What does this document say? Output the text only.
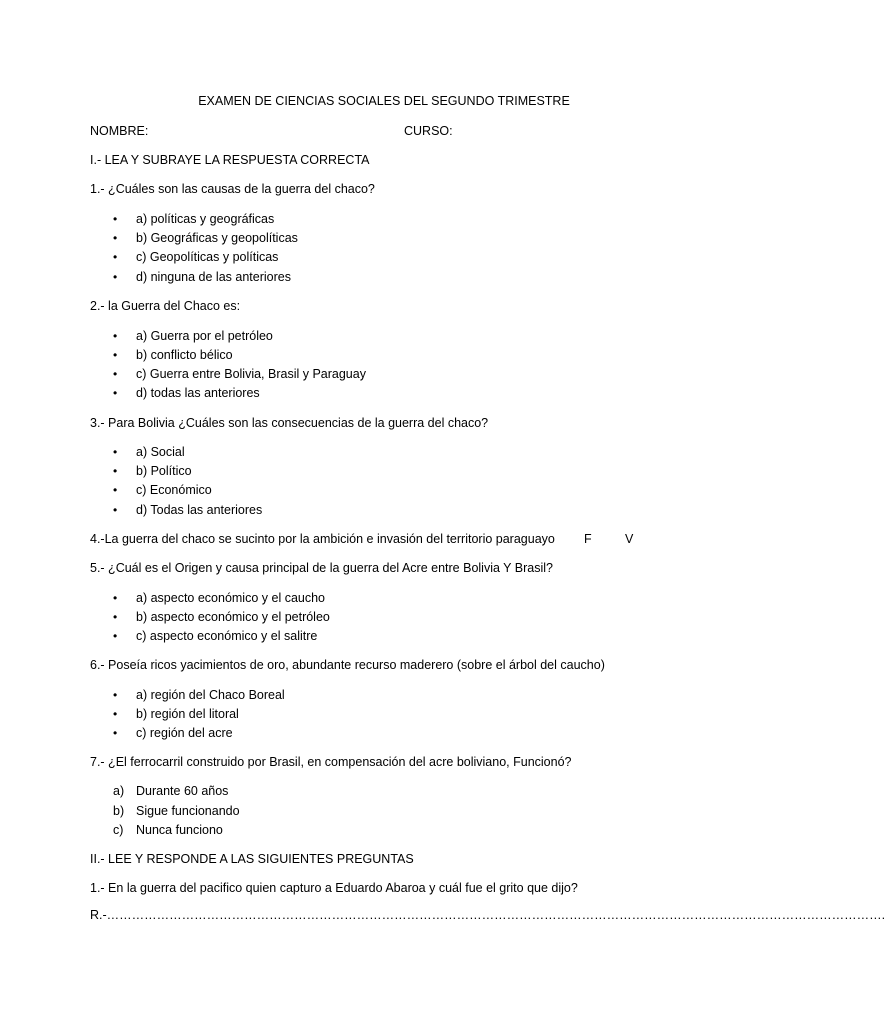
EXAMEN DE CIENCIAS SOCIALES DEL SEGUNDO TRIMESTRE
NOMBRE:	CURSO:
I.- LEA Y SUBRAYE LA RESPUESTA CORRECTA
1.- ¿Cuáles son las causas de la guerra del chaco?
• a) políticas y geográficas
• b) Geográficas y geopolíticas
• c) Geopolíticas y políticas
• d) ninguna de las anteriores
2.- la Guerra del Chaco es:
• a) Guerra por el petróleo
• b) conflicto bélico
• c) Guerra entre Bolivia, Brasil y Paraguay
• d) todas las anteriores
3.- Para Bolivia ¿Cuáles son las consecuencias de la guerra del chaco?
• a) Social
• b) Político
• c) Económico
• d) Todas las anteriores
4.-La guerra del chaco se sucinto por la ambición e invasión del territorio paraguayo F	V
5.- ¿Cuál es el Origen y causa principal de la guerra del Acre entre Bolivia Y Brasil?
• a) aspecto económico y el caucho
• b) aspecto económico y el petróleo
• c) aspecto económico y el salitre
6.- Poseía ricos yacimientos de oro, abundante recurso maderero (sobre el árbol del caucho)
• a) región del Chaco Boreal
• b) región del litoral
• c) región del acre
7.- ¿El ferrocarril construido por Brasil, en compensación del acre boliviano, Funcionó?
a) Durante 60 años
b) Sigue funcionando
c) Nunca funciono
II.- LEE Y RESPONDE A LAS SIGUIENTES PREGUNTAS
1.- En la guerra del pacifico quien capturo a Eduardo Abaroa y cuál fue el grito que dijo?
R.-…………………………………………………………………………………………………………………………………………………………………….
